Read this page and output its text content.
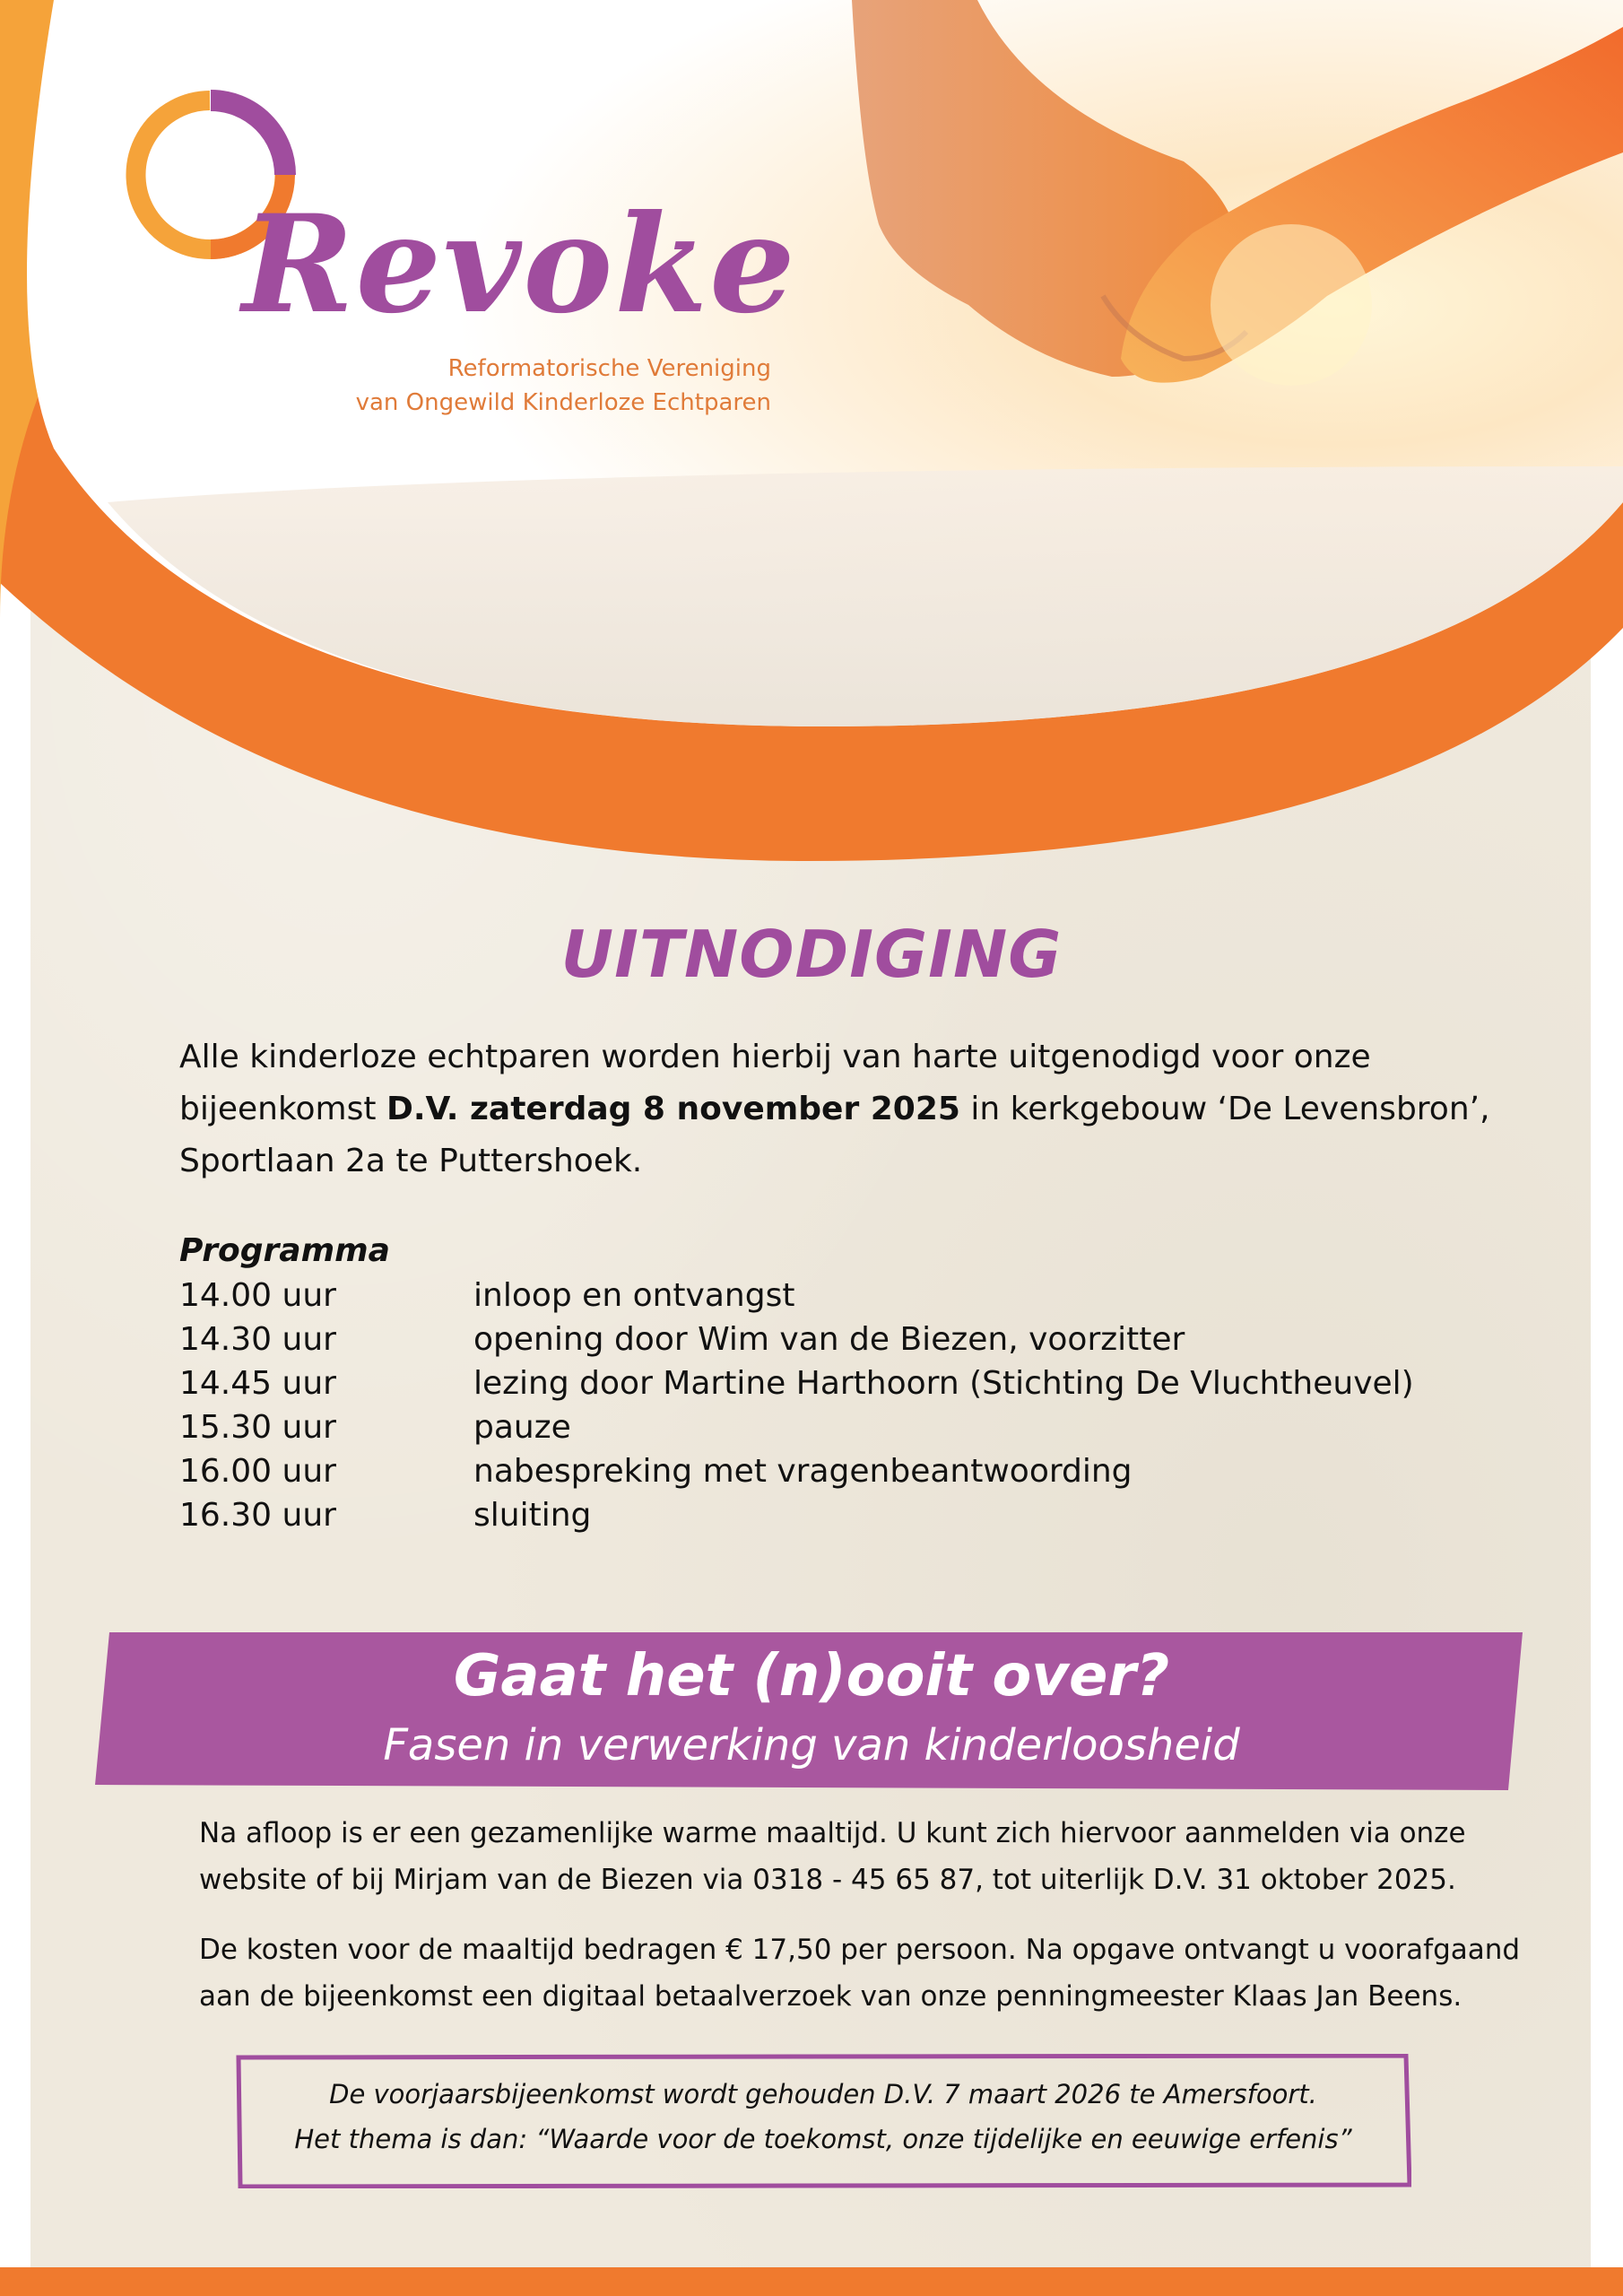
Revoke
Reformatorische Vereniging
van Ongewild Kinderloze Echtparen
UITNODIGING
Alle kinderloze echtparen worden hierbij van harte uitgenodigd voor onze
bijeenkomst D.V. zaterdag 8 november 2025 in kerkgebouw ‘De Levensbron’,
Sportlaan 2a te Puttershoek.
Programma
14.00 uur	inloop en ontvangst
14.30 uur	opening door Wim van de Biezen, voorzitter
14.45 uur	lezing door Martine Harthoorn (Stichting De Vluchtheuvel)
15.30 uur	pauze
16.00 uur	nabespreking met vragenbeantwoording
16.30 uur	sluiting
Gaat het (n)ooit over?
Fasen in verwerking van kinderloosheid
Na afloop is er een gezamenlijke warme maaltijd. U kunt zich hiervoor aanmelden via onze
website of bij Mirjam van de Biezen via 0318 - 45 65 87, tot uiterlijk D.V. 31 oktober 2025.
De kosten voor de maaltijd bedragen € 17,50 per persoon. Na opgave ontvangt u voorafgaand
aan de bijeenkomst een digitaal betaalverzoek van onze penningmeester Klaas Jan Beens.
De voorjaarsbijeenkomst wordt gehouden D.V. 7 maart 2026 te Amersfoort.
Het thema is dan: “Waarde voor de toekomst, onze tijdelijke en eeuwige erfenis”
